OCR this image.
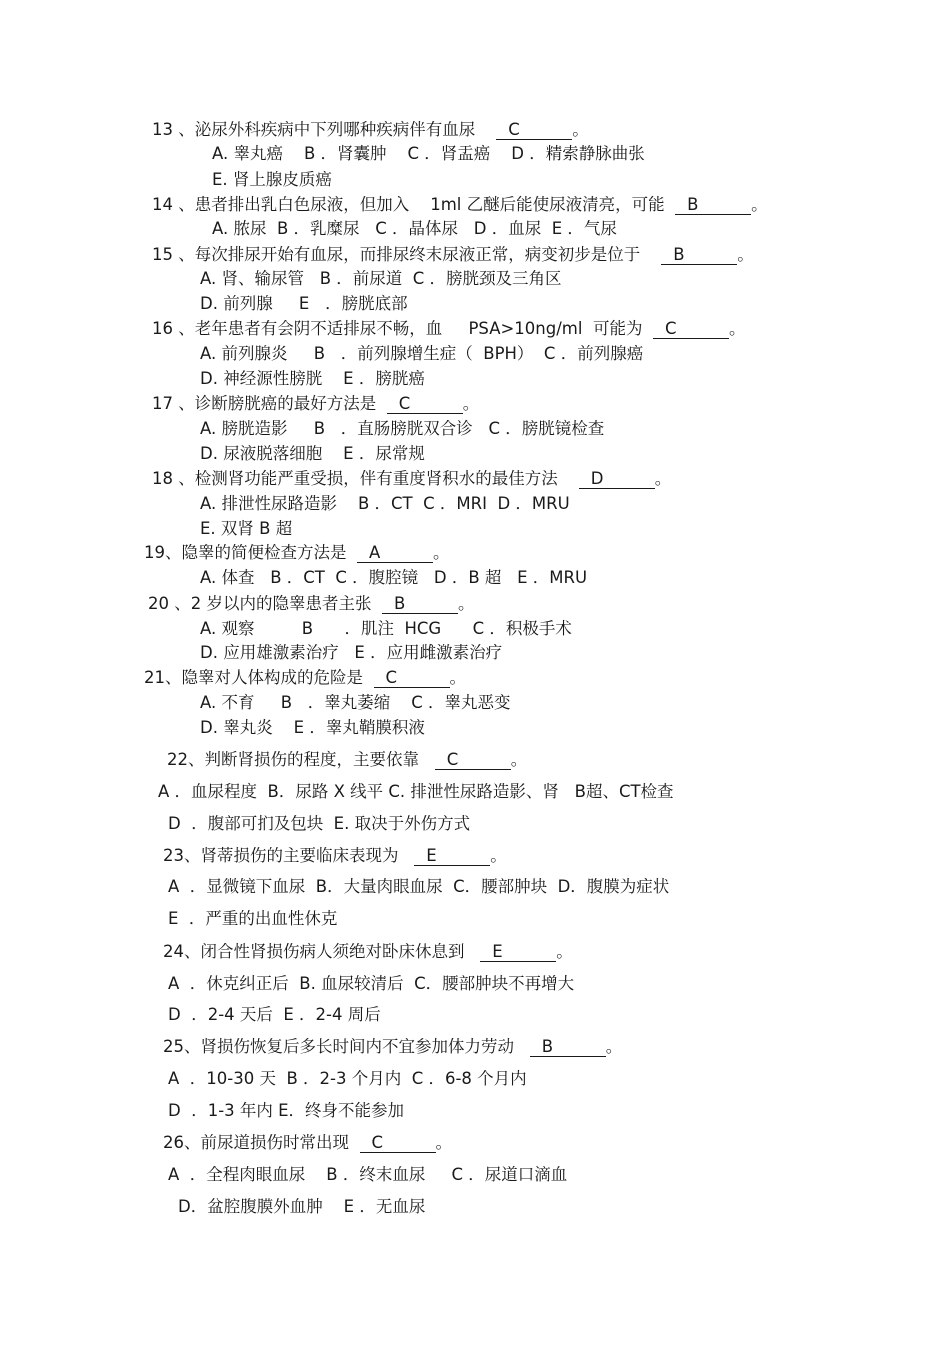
13 、泌尿外科疾病中下列哪种疾病伴有血尿 C	。
A. 睾丸癌    B ．肾囊肿    C ．肾盂癌    D ．精索静脉曲张
E. 肾上腺皮质癌
14 、患者排出乳白色尿液，但加入    1ml 乙醚后能使尿液清亮，可能 B	。
A. 脓尿  B ．乳糜尿   C ．晶体尿   D ．血尿  E ．气尿
15 、每次排尿开始有血尿，而排尿终末尿液正常，病变初步是位于 B	。
A. 肾、输尿管   B ．前尿道  C ．膀胱颈及三角区
D. 前列腺     E   ．膀胱底部
16 、老年患者有会阴不适排尿不畅，血     PSA>10ng/ml  可能为 C	。
A. 前列腺炎     B   ．前列腺增生症（  BPH）  C ．前列腺癌
D. 神经源性膀胱    E ．膀胱癌
17 、诊断膀胱癌的最好方法是 C	。
A. 膀胱造影     B   ．直肠膀胱双合诊   C ．膀胱镜检查
D. 尿液脱落细胞    E ．尿常规
18 、检测肾功能严重受损，伴有重度肾积水的最佳方法 D	。
A. 排泄性尿路造影    B ．CT  C ．MRI  D ．MRU
E. 双肾 B 超
19、隐睾的简便检查方法是 A	。
A. 体查   B ．CT  C ．腹腔镜   D ．B 超   E ．MRU
20 、2 岁以内的隐睾患者主张 B	。
A. 观察         B      ．肌注  HCG      C ．积极手术
D. 应用雄激素治疗   E ．应用雌激素治疗
21、隐睾对人体构成的危险是 C	。
A. 不育     B   ．睾丸萎缩    C ．睾丸恶变
D. 睾丸炎    E ．睾丸鞘膜积液
22、判断肾损伤的程度，主要依靠 C	。
A ．血尿程度  B．尿路 X 线平 C. 排泄性尿路造影、肾   B超、CT检查
D  ．腹部可扪及包块  E. 取决于外伤方式
23、肾蒂损伤的主要临床表现为 E	。
A  ．显微镜下血尿  B．大量肉眼血尿  C．腰部肿块  D．腹膜为症状
E  ．严重的出血性休克
24、闭合性肾损伤病人须绝对卧床休息到 E	。
A  ．休克纠正后  B. 血尿较清后  C．腰部肿块不再增大
D  ．2-4 天后  E ．2-4 周后
25、肾损伤恢复后多长时间内不宜参加体力劳动 B	。
A  ．10-30 天  B ．2-3 个月内  C ．6-8 个月内
D  ．1-3 年内 E．终身不能参加
26、前尿道损伤时常出现 C	。
A  ．全程肉眼血尿    B ．终末血尿     C ．尿道口滴血
D．盆腔腹膜外血肿    E ．无血尿
